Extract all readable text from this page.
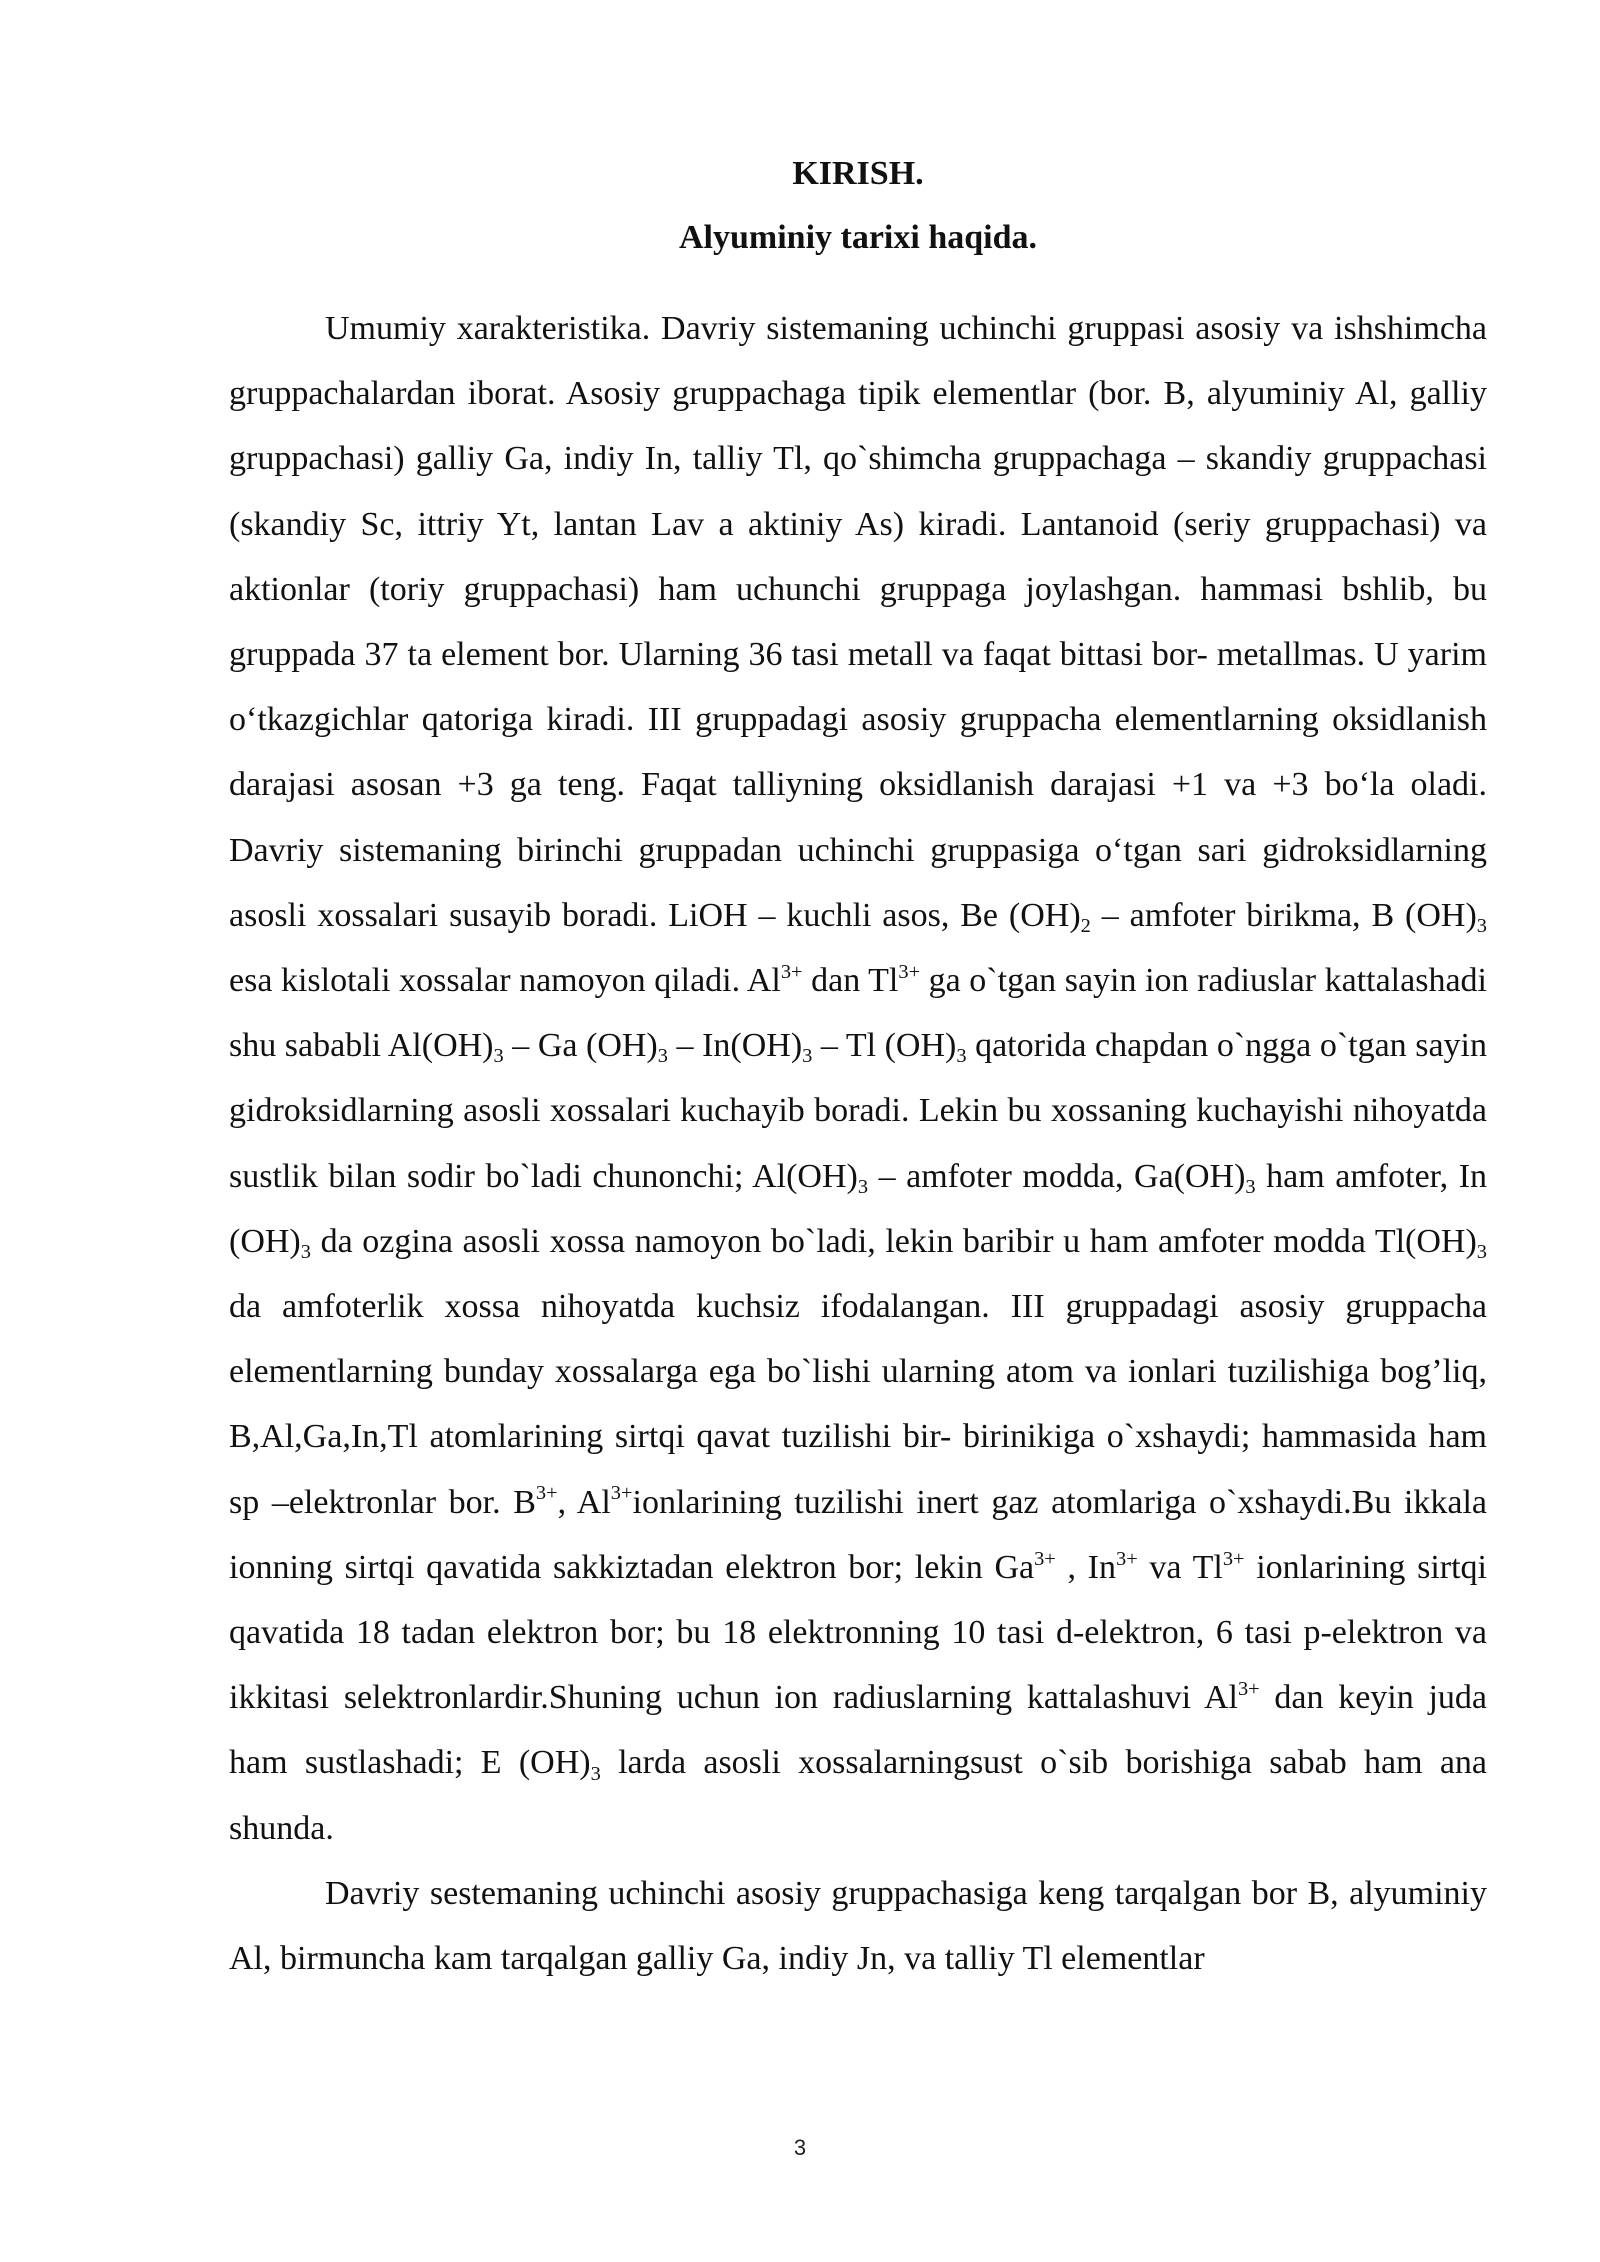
KIRISH.
Alyuminiy tarixi haqida.

Umumiy xarakteristika. Davriy sistemaning uchinchi gruppasi asosiy va ishshimcha gruppachalardan iborat. Asosiy gruppachaga tipik elementlar (bor. B, alyuminiy Al, galliy gruppachasi) galliy Ga, indiy In, talliy Tl, qo`shimcha gruppachaga – skandiy gruppachasi (skandiy Sc, ittriy Yt, lantan Lav a aktiniy As) kiradi. Lantanoid (seriy gruppachasi) va aktionlar (toriy gruppachasi) ham uchunchi gruppaga joylashgan. hammasi bshlib, bu gruppada 37 ta element bor. Ularning 36 tasi metall va faqat bittasi bor- metallmas. U yarim o‘tkazgichlar qatoriga kiradi. III gruppadagi asosiy gruppacha elementlarning oksidlanish darajasi asosan +3 ga teng. Faqat talliyning oksidlanish darajasi +1 va +3 bo‘la oladi. Davriy sistemaning birinchi gruppadan uchinchi gruppasiga o‘tgan sari gidroksidlarning asosli xossalari susayib boradi. LiOH – kuchli asos, Be $(OH)_2$ – amfoter birikma, B $(OH)_3$ esa kislotali xossalar namoyon qiladi. $Al^{3+}$ dan $Tl^{3+}$ ga o`tgan sayin ion radiuslar kattalashadi shu sababli $Al(OH)_3$ – Ga $(OH)_3 - In(OH)_3$ – Tl $(OH)_3$ qatorida chapdan o`ngga o`tgan sayin gidroksidlarning asosli xossalari kuchayib boradi. Lekin bu xossaning kuchayishi nihoyatda sustlik bilan sodir bo`ladi chunonchi; $Al(OH)_3$ – amfoter modda, $Ga(OH)_3$ ham amfoter, In $(OH)_3$ da ozgina asosli xossa namoyon bo`ladi, lekin baribir u ham amfoter modda $Tl(OH)_3$ da amfoterlik xossa nihoyatda kuchsiz ifodalangan. III gruppadagi asosiy gruppacha elementlarning bunday xossalarga ega bo`lishi ularning atom va ionlari tuzilishiga bog’liq, B,Al,Ga,In,Tl atomlarining sirtqi qavat tuzilishi bir- birinikiga o`xshaydi; hammasida ham sp –elektronlar bor. $B^{3+}$, $Al^{3+}ionlarining$ tuzilishi inert gaz atomlariga o`xshaydi.Bu ikkala ionning sirtqi qavatida sakkiztadan elektron bor; lekin $Ga^{3+}$ , $In^{3+}$ va $Tl^{3+}$ ionlarining sirtqi qavatida 18 tadan elektron bor; bu 18 elektronning 10 tasi d-elektron, 6 tasi p-elektron va ikkitasi selektronlardir.Shuning uchun ion radiuslarning kattalashuvi $Al^{3+}$ dan keyin juda ham sustlashadi; E $(OH)_3$ larda asosli xossalarningsust o`sib borishiga sabab ham ana shunda.

Davriy sestemaning uchinchi asosiy gruppachasiga keng tarqalgan bor B, alyuminiy Al, birmuncha kam tarqalgan galliy Ga, indiy Jn, va talliy Tl elementlar

3
